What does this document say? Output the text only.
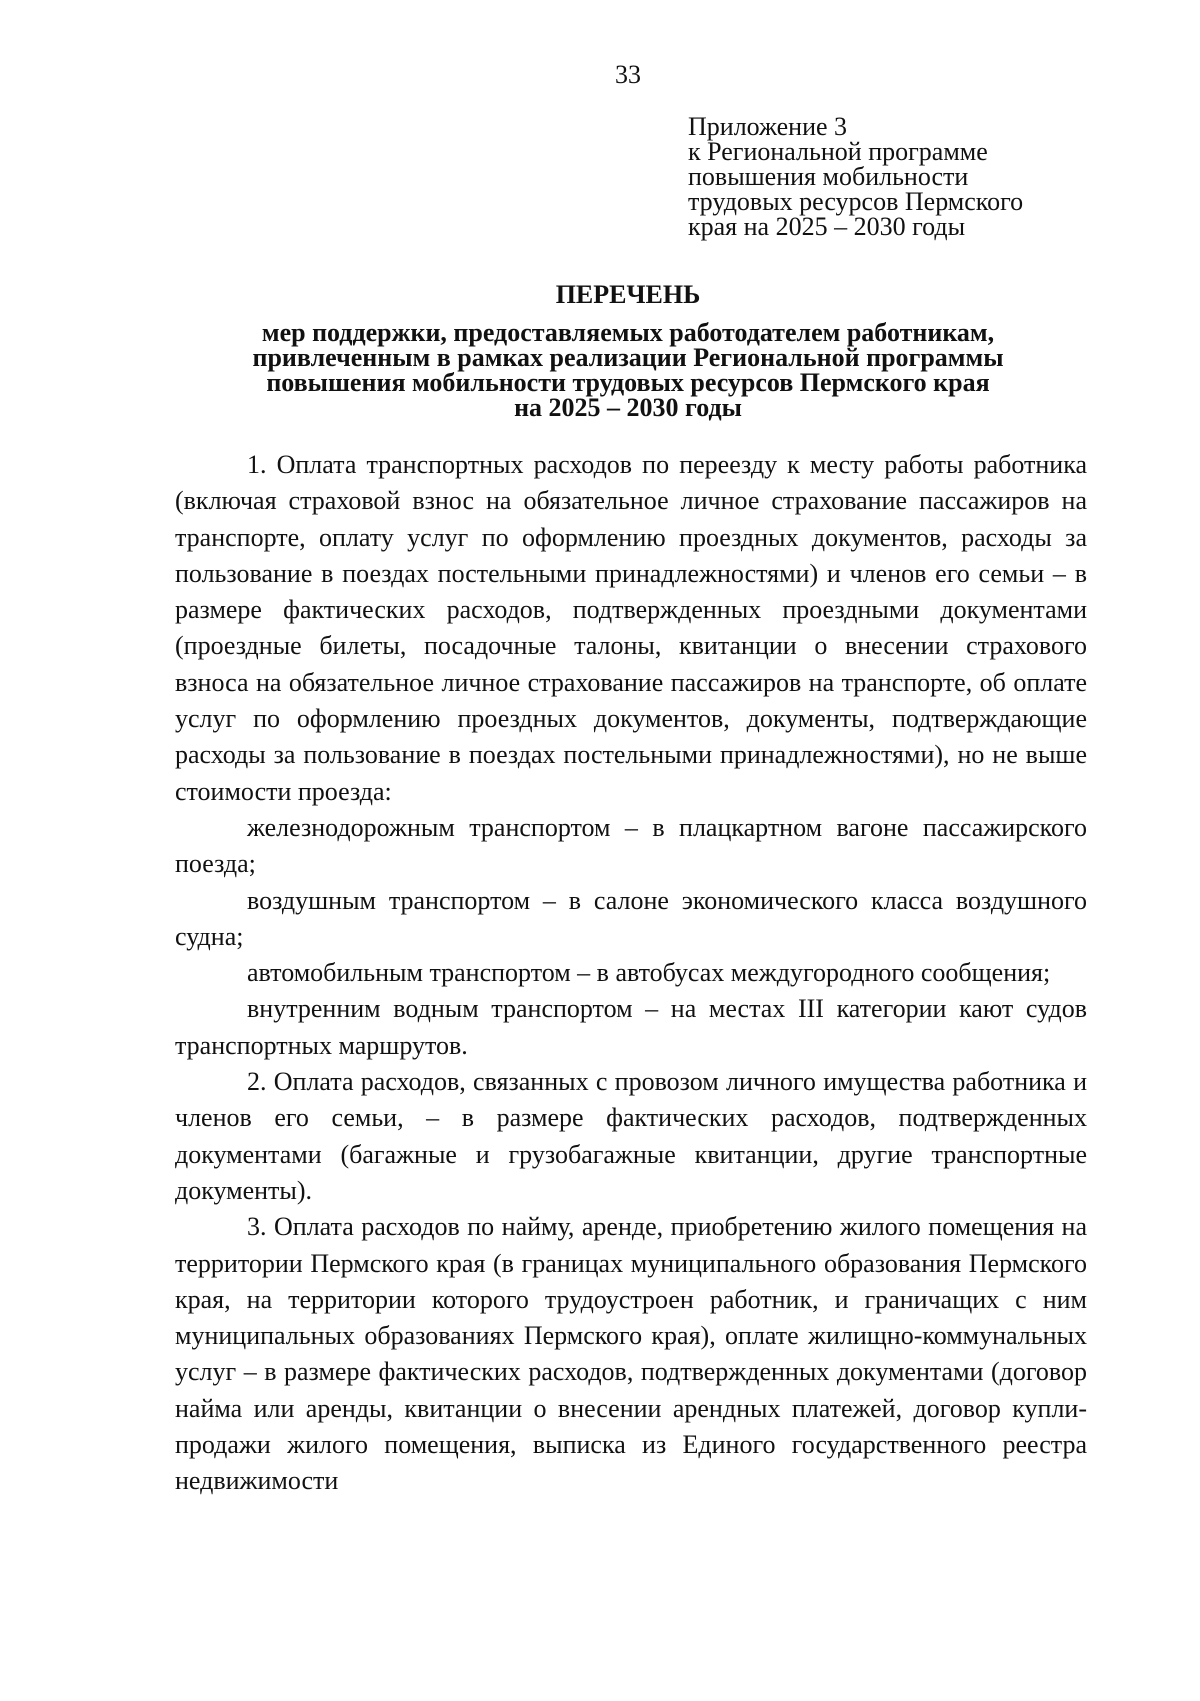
33
Приложение 3
к Региональной программе
повышения мобильности
трудовых ресурсов Пермского
края на 2025 – 2030 годы
ПЕРЕЧЕНЬ
мер поддержки, предоставляемых работодателем работникам,
привлеченным в рамках реализации Региональной программы
повышения мобильности трудовых ресурсов Пермского края
на 2025 – 2030 годы

1. Оплата транспортных расходов по переезду к месту работы работника (включая страховой взнос на обязательное личное страхование пассажиров на транспорте, оплату услуг по оформлению проездных документов, расходы за пользование в поездах постельными принадлежностями) и членов его семьи – в размере фактических расходов, подтвержденных проездными документами (проездные билеты, посадочные талоны, квитанции о внесении страхового взноса на обязательное личное страхование пассажиров на транспорте, об оплате услуг по оформлению проездных документов, документы, подтверждающие расходы за пользование в поездах постельными принадлежностями), но не выше стоимости проезда:

железнодорожным транспортом – в плацкартном вагоне пассажирского поезда;

воздушным транспортом – в салоне экономического класса воздушного судна;

автомобильным транспортом – в автобусах междугородного сообщения;

внутренним водным транспортом – на местах III категории кают судов транспортных маршрутов.

2. Оплата расходов, связанных с провозом личного имущества работника и членов его семьи, – в размере фактических расходов, подтвержденных документами (багажные и грузобагажные квитанции, другие транспортные документы).

3. Оплата расходов по найму, аренде, приобретению жилого помещения на территории Пермского края (в границах муниципального образования Пермского края, на территории которого трудоустроен работник, и граничащих с ним муниципальных образованиях Пермского края), оплате жилищно-коммунальных услуг – в размере фактических расходов, подтвержденных документами (договор найма или аренды, квитанции о внесении арендных платежей, договор купли-продажи жилого помещения, выписка из Единого государственного реестра недвижимости
